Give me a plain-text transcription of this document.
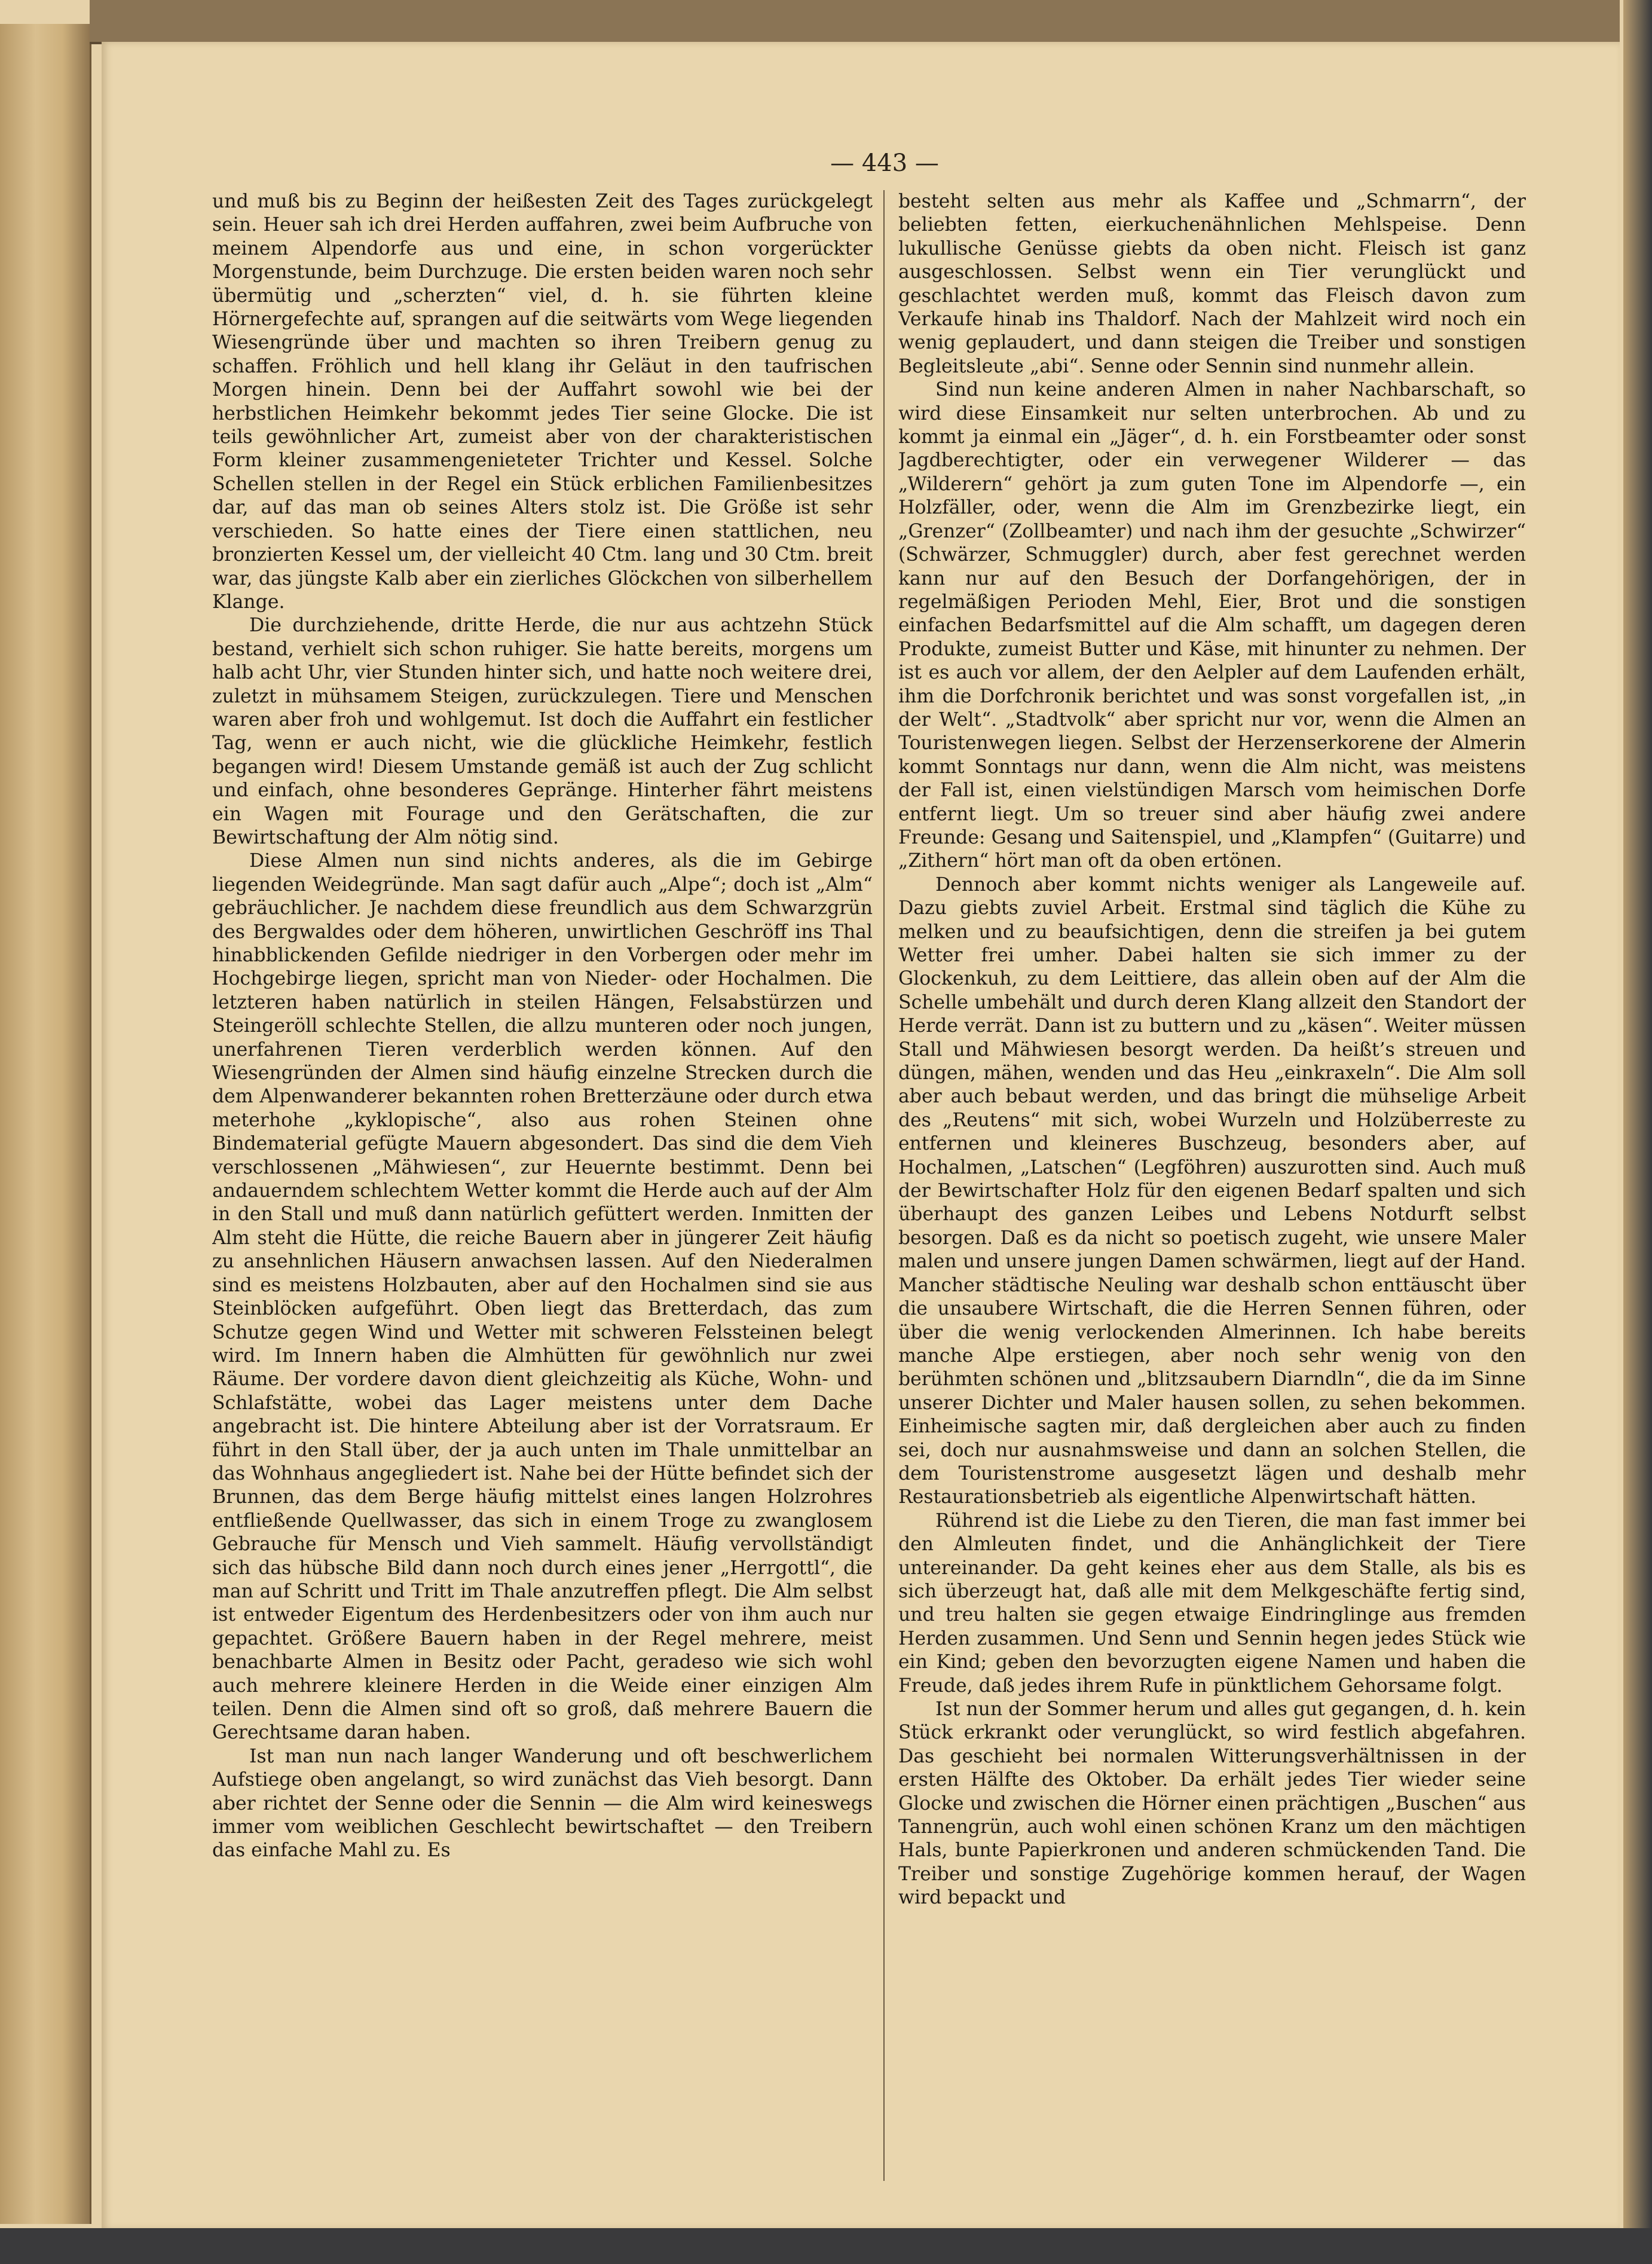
— 443 —

und muß bis zu Beginn der heißesten Zeit des Tages zurückgelegt sein. Heuer sah ich drei Herden auffahren, zwei beim Aufbruche von meinem Alpendorfe aus und eine, in schon vorgerückter Morgenstunde, beim Durchzuge. Die ersten beiden waren noch sehr übermütig und „scherzten“ viel, d. h. sie führten kleine Hörnergefechte auf, sprangen auf die seitwärts vom Wege liegenden Wiesengründe über und machten so ihren Treibern genug zu schaffen. Fröhlich und hell klang ihr Geläut in den taufrischen Morgen hinein. Denn bei der Auffahrt sowohl wie bei der herbstlichen Heimkehr bekommt jedes Tier seine Glocke. Die ist teils gewöhnlicher Art, zumeist aber von der charakteristischen Form kleiner zusammengenieteter Trichter und Kessel. Solche Schellen stellen in der Regel ein Stück erblichen Familienbesitzes dar, auf das man ob seines Alters stolz ist. Die Größe ist sehr verschieden. So hatte eines der Tiere einen stattlichen, neu bronzierten Kessel um, der vielleicht 40 Ctm. lang und 30 Ctm. breit war, das jüngste Kalb aber ein zierliches Glöckchen von silberhellem Klange.

Die durchziehende, dritte Herde, die nur aus achtzehn Stück bestand, verhielt sich schon ruhiger. Sie hatte bereits, morgens um halb acht Uhr, vier Stunden hinter sich, und hatte noch weitere drei, zuletzt in mühsamem Steigen, zurückzulegen. Tiere und Menschen waren aber froh und wohlgemut. Ist doch die Auffahrt ein festlicher Tag, wenn er auch nicht, wie die glückliche Heimkehr, festlich begangen wird! Diesem Umstande gemäß ist auch der Zug schlicht und einfach, ohne besonderes Gepränge. Hinterher fährt meistens ein Wagen mit Fourage und den Gerätschaften, die zur Bewirtschaftung der Alm nötig sind.

Diese Almen nun sind nichts anderes, als die im Gebirge liegenden Weidegründe. Man sagt dafür auch „Alpe“; doch ist „Alm“ gebräuchlicher. Je nachdem diese freundlich aus dem Schwarzgrün des Bergwaldes oder dem höheren, unwirtlichen Geschröff ins Thal hinabblickenden Gefilde niedriger in den Vorbergen oder mehr im Hochgebirge liegen, spricht man von Nieder- oder Hochalmen. Die letzteren haben natürlich in steilen Hängen, Felsabstürzen und Steingeröll schlechte Stellen, die allzu munteren oder noch jungen, unerfahrenen Tieren verderblich werden können. Auf den Wiesengründen der Almen sind häufig einzelne Strecken durch die dem Alpenwanderer bekannten rohen Bretterzäune oder durch etwa meterhohe „kyklopische“, also aus rohen Steinen ohne Bindematerial gefügte Mauern abgesondert. Das sind die dem Vieh verschlossenen „Mähwiesen“, zur Heuernte bestimmt. Denn bei andauerndem schlechtem Wetter kommt die Herde auch auf der Alm in den Stall und muß dann natürlich gefüttert werden. Inmitten der Alm steht die Hütte, die reiche Bauern aber in jüngerer Zeit häufig zu ansehnlichen Häusern anwachsen lassen. Auf den Niederalmen sind es meistens Holzbauten, aber auf den Hochalmen sind sie aus Steinblöcken aufgeführt. Oben liegt das Bretterdach, das zum Schutze gegen Wind und Wetter mit schweren Felssteinen belegt wird. Im Innern haben die Almhütten für gewöhnlich nur zwei Räume. Der vordere davon dient gleichzeitig als Küche, Wohn- und Schlafstätte, wobei das Lager meistens unter dem Dache angebracht ist. Die hintere Abteilung aber ist der Vorratsraum. Er führt in den Stall über, der ja auch unten im Thale unmittelbar an das Wohnhaus angegliedert ist. Nahe bei der Hütte befindet sich der Brunnen, das dem Berge häufig mittelst eines langen Holzrohres entfließende Quellwasser, das sich in einem Troge zu zwanglosem Gebrauche für Mensch und Vieh sammelt. Häufig vervollständigt sich das hübsche Bild dann noch durch eines jener „Herrgottl“, die man auf Schritt und Tritt im Thale anzutreffen pflegt. Die Alm selbst ist entweder Eigentum des Herdenbesitzers oder von ihm auch nur gepachtet. Größere Bauern haben in der Regel mehrere, meist benachbarte Almen in Besitz oder Pacht, geradeso wie sich wohl auch mehrere kleinere Herden in die Weide einer einzigen Alm teilen. Denn die Almen sind oft so groß, daß mehrere Bauern die Gerechtsame daran haben.

Ist man nun nach langer Wanderung und oft beschwerlichem Aufstiege oben angelangt, so wird zunächst das Vieh besorgt. Dann aber richtet der Senne oder die Sennin — die Alm wird keineswegs immer vom weiblichen Geschlecht bewirtschaftet — den Treibern das einfache Mahl zu. Es

besteht selten aus mehr als Kaffee und „Schmarrn“, der beliebten fetten, eierkuchenähnlichen Mehlspeise. Denn lukullische Genüsse giebts da oben nicht. Fleisch ist ganz ausgeschlossen. Selbst wenn ein Tier verunglückt und geschlachtet werden muß, kommt das Fleisch davon zum Verkaufe hinab ins Thaldorf. Nach der Mahlzeit wird noch ein wenig geplaudert, und dann steigen die Treiber und sonstigen Begleitsleute „abi“. Senne oder Sennin sind nunmehr allein.

Sind nun keine anderen Almen in naher Nachbarschaft, so wird diese Einsamkeit nur selten unterbrochen. Ab und zu kommt ja einmal ein „Jäger“, d. h. ein Forstbeamter oder sonst Jagdberechtigter, oder ein verwegener Wilderer — das „Wilderern“ gehört ja zum guten Tone im Alpendorfe —, ein Holzfäller, oder, wenn die Alm im Grenzbezirke liegt, ein „Grenzer“ (Zollbeamter) und nach ihm der gesuchte „Schwirzer“ (Schwärzer, Schmuggler) durch, aber fest gerechnet werden kann nur auf den Besuch der Dorfangehörigen, der in regelmäßigen Perioden Mehl, Eier, Brot und die sonstigen einfachen Bedarfsmittel auf die Alm schafft, um dagegen deren Produkte, zumeist Butter und Käse, mit hinunter zu nehmen. Der ist es auch vor allem, der den Aelpler auf dem Laufenden erhält, ihm die Dorfchronik berichtet und was sonst vorgefallen ist, „in der Welt“. „Stadtvolk“ aber spricht nur vor, wenn die Almen an Touristenwegen liegen. Selbst der Herzenserkorene der Almerin kommt Sonntags nur dann, wenn die Alm nicht, was meistens der Fall ist, einen vielstündigen Marsch vom heimischen Dorfe entfernt liegt. Um so treuer sind aber häufig zwei andere Freunde: Gesang und Saitenspiel, und „Klampfen“ (Guitarre) und „Zithern“ hört man oft da oben ertönen.

Dennoch aber kommt nichts weniger als Langeweile auf. Dazu giebts zuviel Arbeit. Erstmal sind täglich die Kühe zu melken und zu beaufsichtigen, denn die streifen ja bei gutem Wetter frei umher. Dabei halten sie sich immer zu der Glockenkuh, zu dem Leittiere, das allein oben auf der Alm die Schelle umbehält und durch deren Klang allzeit den Standort der Herde verrät. Dann ist zu buttern und zu „käsen“. Weiter müssen Stall und Mähwiesen besorgt werden. Da heißt’s streuen und düngen, mähen, wenden und das Heu „einkraxeln“. Die Alm soll aber auch bebaut werden, und das bringt die mühselige Arbeit des „Reutens“ mit sich, wobei Wurzeln und Holzüberreste zu entfernen und kleineres Buschzeug, besonders aber, auf Hochalmen, „Latschen“ (Legföhren) auszurotten sind. Auch muß der Bewirtschafter Holz für den eigenen Bedarf spalten und sich überhaupt des ganzen Leibes und Lebens Notdurft selbst besorgen. Daß es da nicht so poetisch zugeht, wie unsere Maler malen und unsere jungen Damen schwärmen, liegt auf der Hand. Mancher städtische Neuling war deshalb schon enttäuscht über die unsaubere Wirtschaft, die die Herren Sennen führen, oder über die wenig verlockenden Almerinnen. Ich habe bereits manche Alpe erstiegen, aber noch sehr wenig von den berühmten schönen und „blitzsaubern Diarndln“, die da im Sinne unserer Dichter und Maler hausen sollen, zu sehen bekommen. Einheimische sagten mir, daß dergleichen aber auch zu finden sei, doch nur ausnahmsweise und dann an solchen Stellen, die dem Touristenstrome ausgesetzt lägen und deshalb mehr Restaurationsbetrieb als eigentliche Alpenwirtschaft hätten.

Rührend ist die Liebe zu den Tieren, die man fast immer bei den Almleuten findet, und die Anhänglichkeit der Tiere untereinander. Da geht keines eher aus dem Stalle, als bis es sich überzeugt hat, daß alle mit dem Melkgeschäfte fertig sind, und treu halten sie gegen etwaige Eindringlinge aus fremden Herden zusammen. Und Senn und Sennin hegen jedes Stück wie ein Kind; geben den bevorzugten eigene Namen und haben die Freude, daß jedes ihrem Rufe in pünktlichem Gehorsame folgt.

Ist nun der Sommer herum und alles gut gegangen, d. h. kein Stück erkrankt oder verunglückt, so wird festlich abgefahren. Das geschieht bei normalen Witterungsverhältnissen in der ersten Hälfte des Oktober. Da erhält jedes Tier wieder seine Glocke und zwischen die Hörner einen prächtigen „Buschen“ aus Tannengrün, auch wohl einen schönen Kranz um den mächtigen Hals, bunte Papierkronen und anderen schmückenden Tand. Die Treiber und sonstige Zugehörige kommen herauf, der Wagen wird bepackt und
